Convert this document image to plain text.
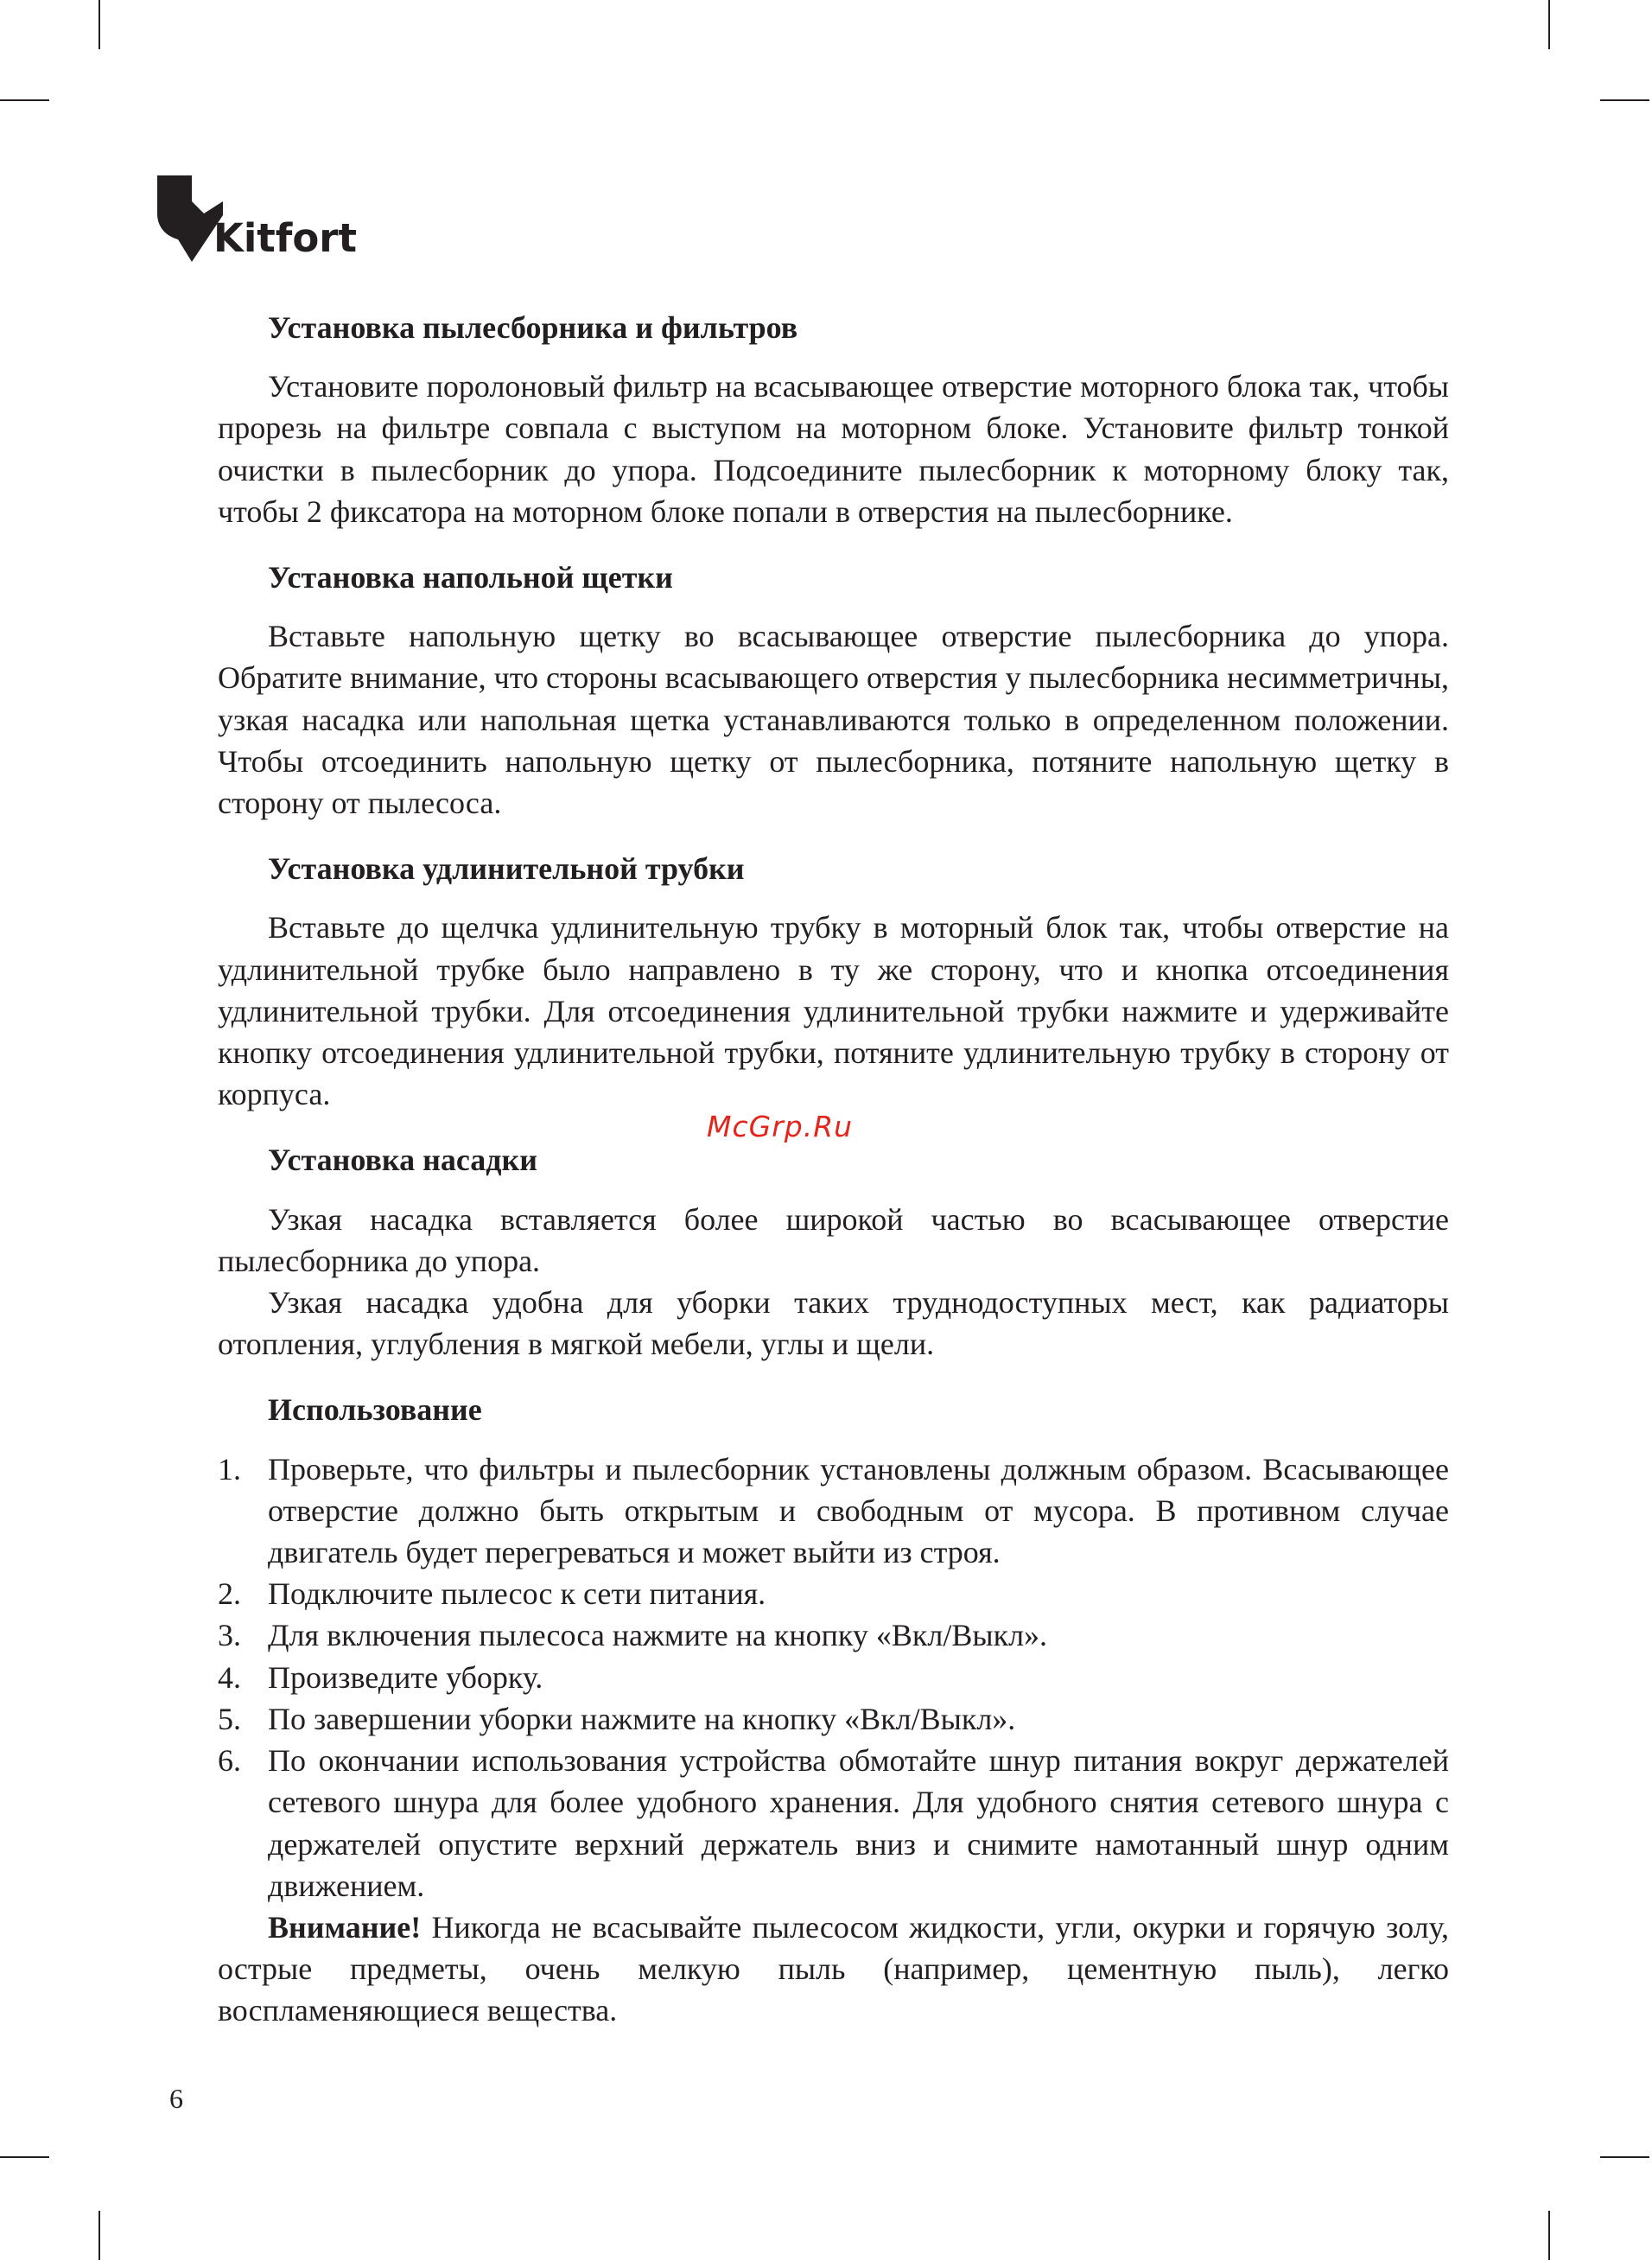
Kitfort

Установка пылесборника и фильтров

Установите поролоновый фильтр на всасывающее отверстие моторного блока так, чтобы прорезь на фильтре совпала с выступом на моторном блоке. Установите фильтр тонкой очистки в пылесборник до упора. Подсоедините пылесборник к моторному блоку так, чтобы 2 фиксатора на моторном блоке попали в отверстия на пылесборнике.

Установка напольной щетки

Вставьте напольную щетку во всасывающее отверстие пылесборника до упора. Обратите внимание, что стороны всасывающего отверстия у пылесборника несимметричны, узкая насадка или напольная щетка устанавливаются только в определенном положении. Чтобы отсоединить напольную щетку от пылесборника, потяните напольную щетку в сторону от пылесоса.

Установка удлинительной трубки

Вставьте до щелчка удлинительную трубку в моторный блок так, чтобы отверстие на удлинительной трубке было направлено в ту же сторону, что и кнопка отсоединения удлинительной трубки. Для отсоединения удлинительной трубки нажмите и удерживайте кнопку отсоединения удлинительной трубки, потяните удлинительную трубку в сторону от корпуса.

Установка насадки

Узкая насадка вставляется более широкой частью во всасывающее отверстие пылесборника до упора.

Узкая насадка удобна для уборки таких труднодоступных мест, как радиаторы отопления, углубления в мягкой мебели, углы и щели.

Использование

1. Проверьте, что фильтры и пылесборник установлены должным образом. Всасывающее отверстие должно быть открытым и свободным от мусора. В противном случае двигатель будет перегреваться и может выйти из строя.
2. Подключите пылесос к сети питания.
3. Для включения пылесоса нажмите на кнопку «Вкл/Выкл».
4. Произведите уборку.
5. По завершении уборки нажмите на кнопку «Вкл/Выкл».
6. По окончании использования устройства обмотайте шнур питания вокруг держателей сетевого шнура для более удобного хранения. Для удобного снятия сетевого шнура с держателей опустите верхний держатель вниз и снимите намотанный шнур одним движением.

Внимание! Никогда не всасывайте пылесосом жидкости, угли, окурки и горячую золу, острые предметы, очень мелкую пыль (например, цементную пыль), легко воспламеняющиеся вещества.

McGrp.Ru
6
